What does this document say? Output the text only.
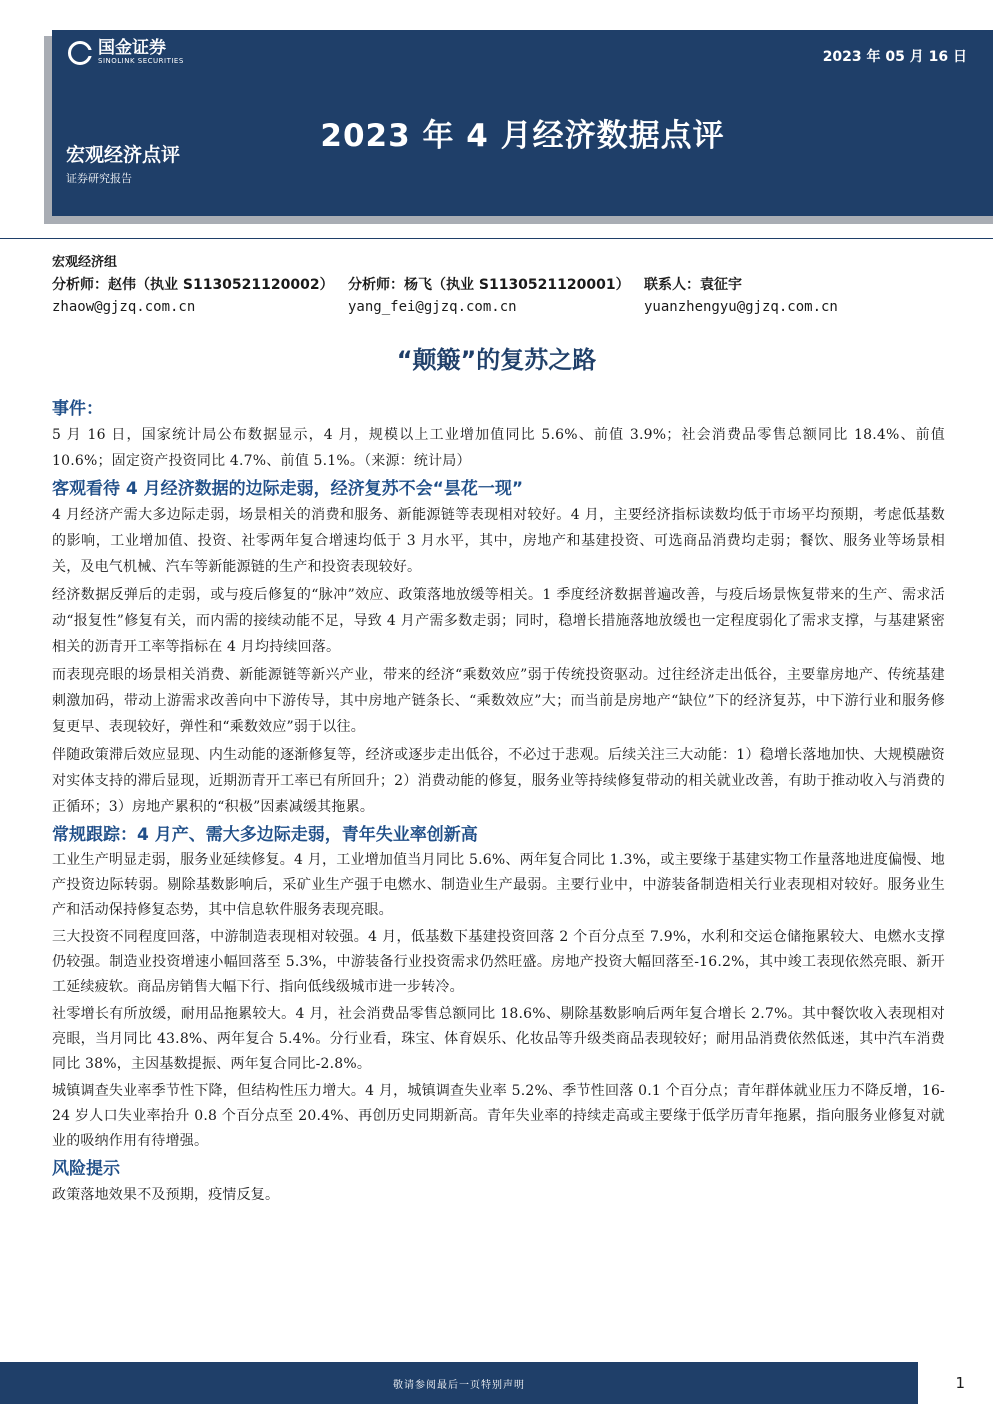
国金证券
SINOLINK SECURITIES	2023 年 05 月 16 日
2023 年 4 月经济数据点评
宏观经济点评
证券研究报告
宏观经济组
分析师：赵伟（执业 S1130521120002）
zhaow@gjzq.com.cn
分析师：杨飞（执业 S1130521120001）
yang_fei@gjzq.com.cn
联系人：袁征宇
yuanzhengyu@gjzq.com.cn
“颠簸”的复苏之路
事件：

5 月 16 日，国家统计局公布数据显示，4 月，规模以上工业增加值同比 5.6%、前值 3.9%；社会消费品零售总额同比 18.4%、前值 10.6%；固定资产投资同比 4.7%、前值 5.1%。（来源：统计局）

客观看待 4 月经济数据的边际走弱，经济复苏不会“昙花一现”

4 月经济产需大多边际走弱，场景相关的消费和服务、新能源链等表现相对较好。4 月，主要经济指标读数均低于市场平均预期，考虑低基数的影响，工业增加值、投资、社零两年复合增速均低于 3 月水平，其中，房地产和基建投资、可选商品消费均走弱；餐饮、服务业等场景相关，及电气机械、汽车等新能源链的生产和投资表现较好。

经济数据反弹后的走弱，或与疫后修复的“脉冲”效应、政策落地放缓等相关。1 季度经济数据普遍改善，与疫后场景恢复带来的生产、需求活动“报复性”修复有关，而内需的接续动能不足，导致 4 月产需多数走弱；同时，稳增长措施落地放缓也一定程度弱化了需求支撑，与基建紧密相关的沥青开工率等指标在 4 月均持续回落。

而表现亮眼的场景相关消费、新能源链等新兴产业，带来的经济“乘数效应”弱于传统投资驱动。过往经济走出低谷，主要靠房地产、传统基建刺激加码，带动上游需求改善向中下游传导，其中房地产链条长、“乘数效应”大；而当前是房地产“缺位”下的经济复苏，中下游行业和服务修复更早、表现较好，弹性和“乘数效应”弱于以往。

伴随政策滞后效应显现、内生动能的逐渐修复等，经济或逐步走出低谷，不必过于悲观。后续关注三大动能：1）稳增长落地加快、大规模融资对实体支持的滞后显现，近期沥青开工率已有所回升；2）消费动能的修复，服务业等持续修复带动的相关就业改善，有助于推动收入与消费的正循环；3）房地产累积的“积极”因素减缓其拖累。

常规跟踪：4 月产、需大多边际走弱，青年失业率创新高

工业生产明显走弱，服务业延续修复。4 月，工业增加值当月同比 5.6%、两年复合同比 1.3%，或主要缘于基建实物工作量落地进度偏慢、地产投资边际转弱。剔除基数影响后，采矿业生产强于电燃水、制造业生产最弱。主要行业中，中游装备制造相关行业表现相对较好。服务业生产和活动保持修复态势，其中信息软件服务表现亮眼。

三大投资不同程度回落，中游制造表现相对较强。4 月，低基数下基建投资回落 2 个百分点至 7.9%，水利和交运仓储拖累较大、电燃水支撑仍较强。制造业投资增速小幅回落至 5.3%，中游装备行业投资需求仍然旺盛。房地产投资大幅回落至-16.2%，其中竣工表现依然亮眼、新开工延续疲软。商品房销售大幅下行、指向低线级城市进一步转冷。

社零增长有所放缓，耐用品拖累较大。4 月，社会消费品零售总额同比 18.6%、剔除基数影响后两年复合增长 2.7%。其中餐饮收入表现相对亮眼，当月同比 43.8%、两年复合 5.4%。分行业看，珠宝、体育娱乐、化妆品等升级类商品表现较好；耐用品消费依然低迷，其中汽车消费同比 38%，主因基数提振、两年复合同比-2.8%。

城镇调查失业率季节性下降，但结构性压力增大。4 月，城镇调查失业率 5.2%、季节性回落 0.1 个百分点；青年群体就业压力不降反增，16-24 岁人口失业率抬升 0.8 个百分点至 20.4%、再创历史同期新高。青年失业率的持续走高或主要缘于低学历青年拖累，指向服务业修复对就业的吸纳作用有待增强。

风险提示

政策落地效果不及预期，疫情反复。

敬请参阅最后一页特别声明	1
